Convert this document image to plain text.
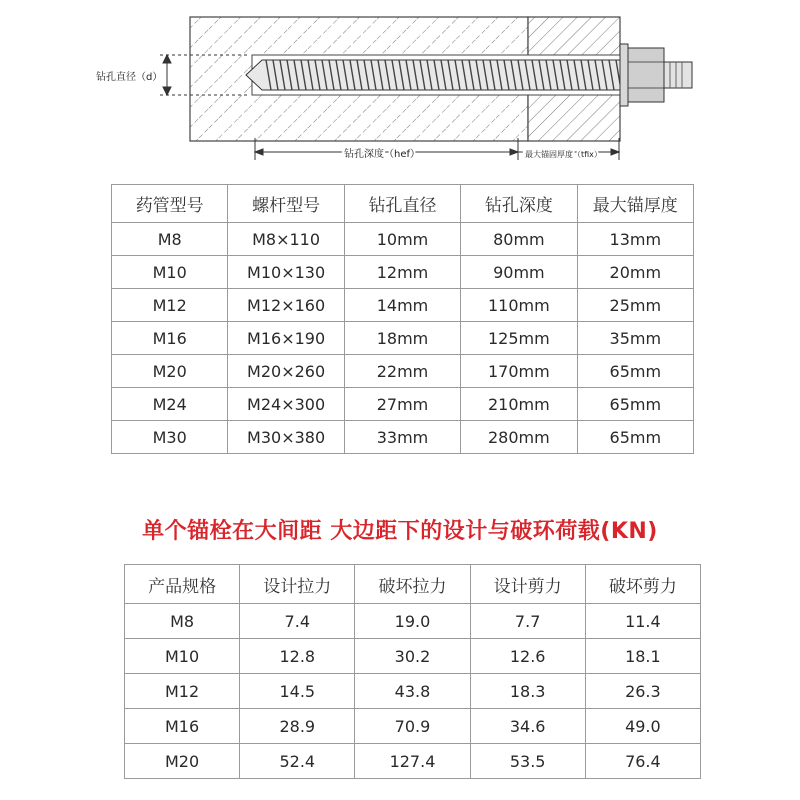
钻孔直径（d）
钻孔深度（hef）	最大锚固厚度（tfix）
药管型号	螺杆型号	钻孔直径	钻孔深度	最大锚厚度
M8	M8×110	10mm	80mm	13mm
M10	M10×130	12mm	90mm	20mm
M12	M12×160	14mm	110mm	25mm
M16	M16×190	18mm	125mm	35mm
M20	M20×260	22mm	170mm	65mm
M24	M24×300	27mm	210mm	65mm
M30	M30×380	33mm	280mm	65mm
单个锚栓在大间距 大边距下的设计与破环荷载(KN)
产品规格	设计拉力	破坏拉力	设计剪力	破坏剪力
M8	7.4	19.0	7.7	11.4
M10	12.8	30.2	12.6	18.1
M12	14.5	43.8	18.3	26.3
M16	28.9	70.9	34.6	49.0
M20	52.4	127.4	53.5	76.4
